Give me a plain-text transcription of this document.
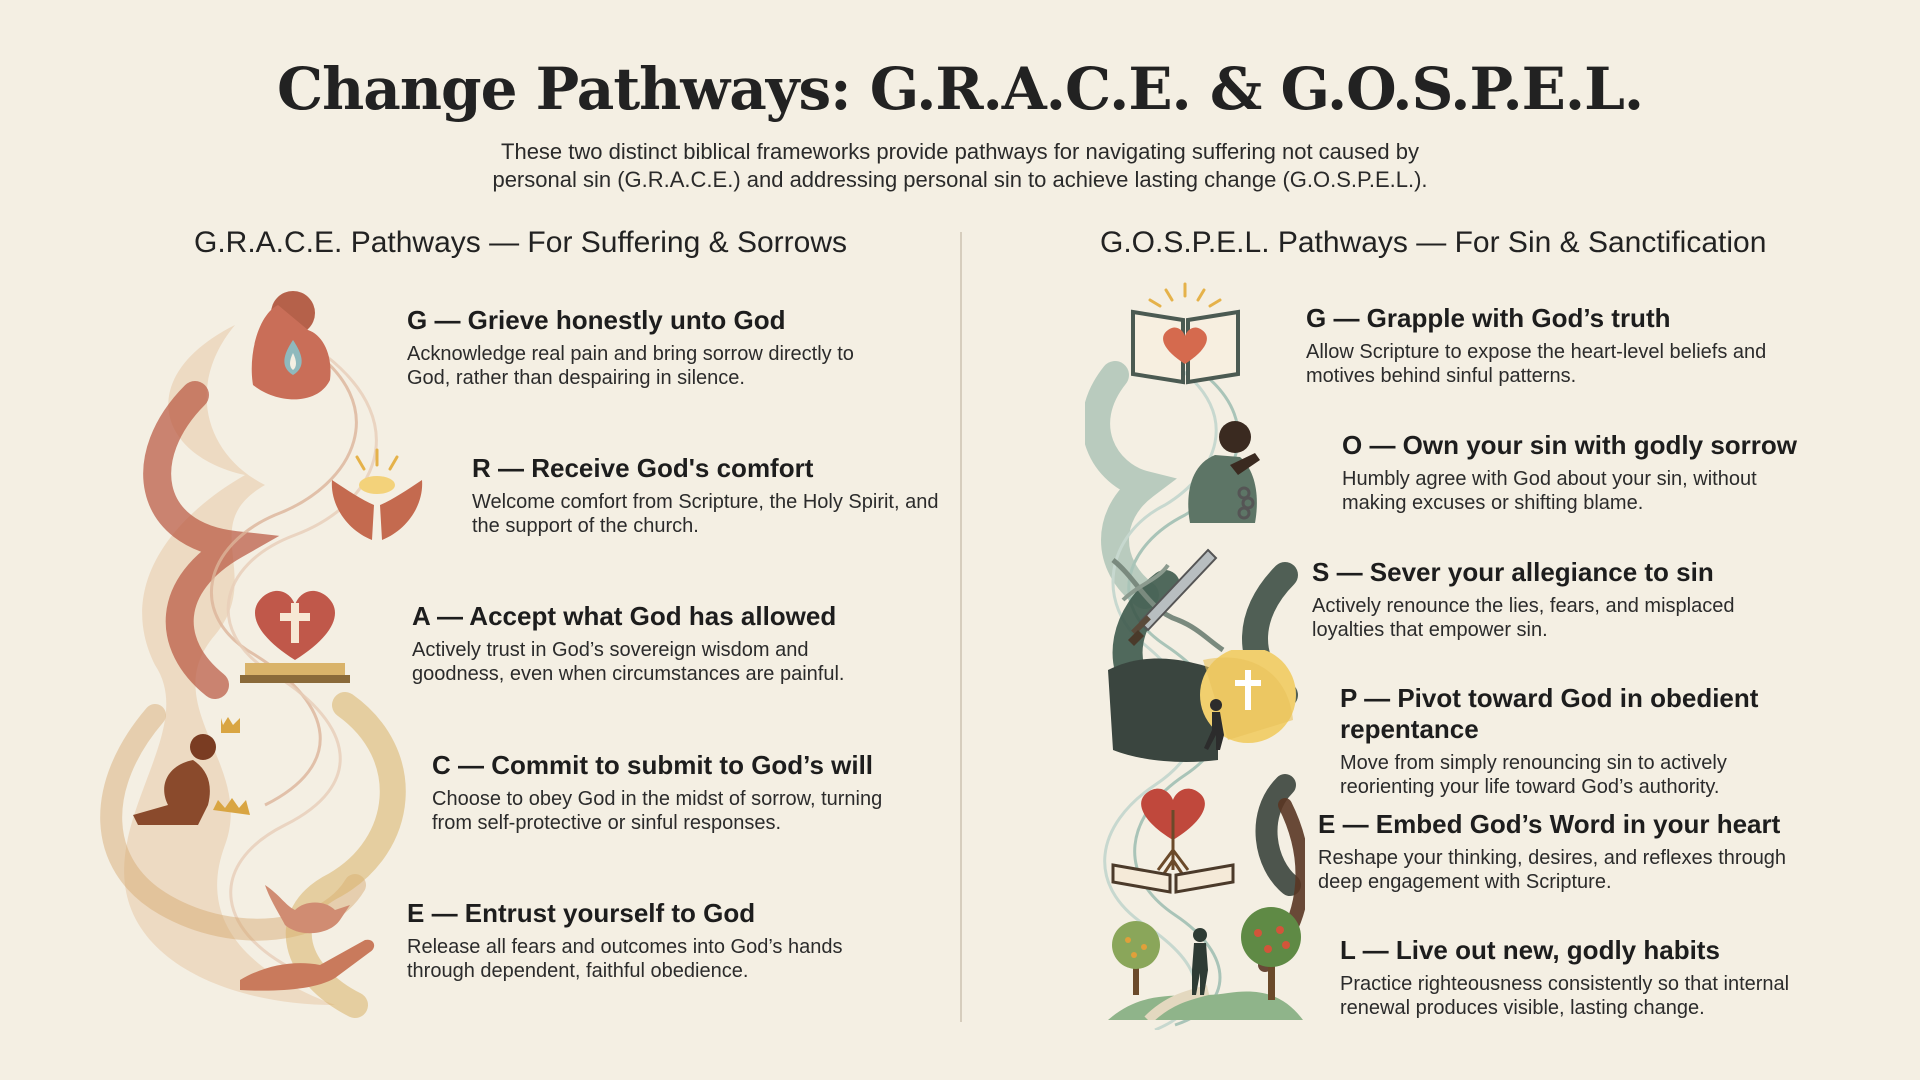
Change Pathways: G.R.A.C.E. & G.O.S.P.E.L.
These two distinct biblical frameworks provide pathways for navigating suffering not caused by personal sin (G.R.A.C.E.) and addressing personal sin to achieve lasting change (G.O.S.P.E.L.).
G.R.A.C.E. Pathways — For Suffering & Sorrows	G.O.S.P.E.L. Pathways — For Sin & Sanctification
G — Grieve honestly unto God

Acknowledge real pain and bring sorrow directly to God, rather than despairing in silence.

R — Receive God's comfort

Welcome comfort from Scripture, the Holy Spirit, and the support of the church.

A — Accept what God has allowed

Actively trust in God’s sovereign wisdom and goodness, even when circumstances are painful.

C — Commit to submit to God’s will

Choose to obey God in the midst of sorrow, turning from self-protective or sinful responses.

E — Entrust yourself to God

Release all fears and outcomes into God’s hands through dependent, faithful obedience.

G — Grapple with God’s truth

Allow Scripture to expose the heart-level beliefs and motives behind sinful patterns.

O — Own your sin with godly sorrow

Humbly agree with God about your sin, without making excuses or shifting blame.

S — Sever your allegiance to sin

Actively renounce the lies, fears, and misplaced loyalties that empower sin.

P — Pivot toward God in obedient repentance

Move from simply renouncing sin to actively reorienting your life toward God’s authority.

E — Embed God’s Word in your heart

Reshape your thinking, desires, and reflexes through deep engagement with Scripture.

L — Live out new, godly habits

Practice righteousness consistently so that internal renewal produces visible, lasting change.
